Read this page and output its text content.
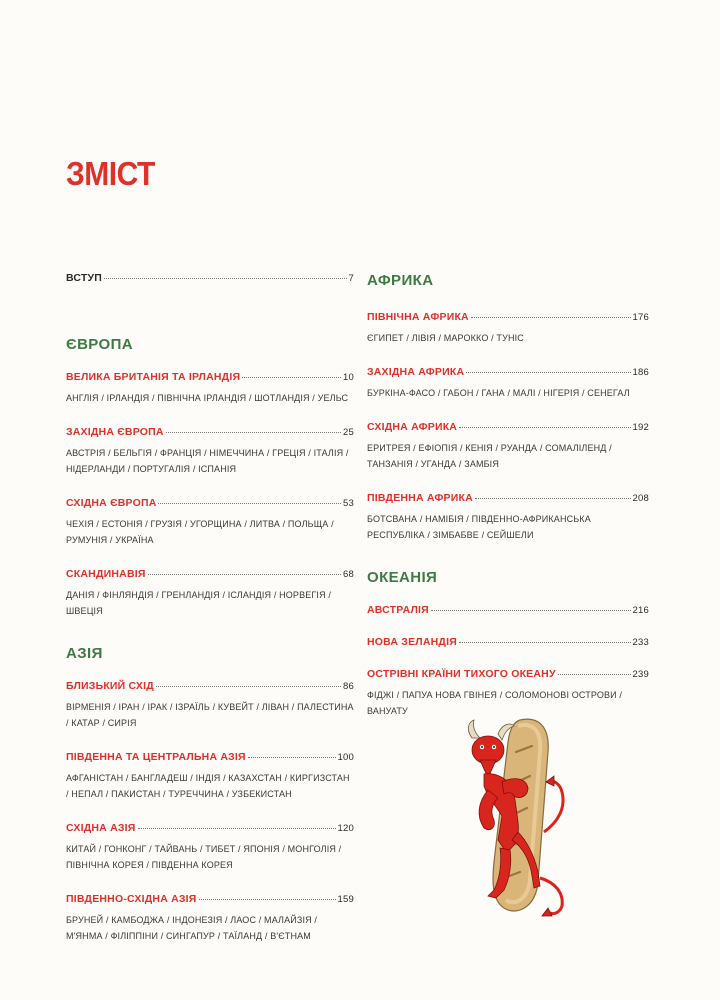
ЗМІСТ
ВСТУП	7
ЄВРОПА
ВЕЛИКА БРИТАНІЯ ТА ІРЛАНДІЯ	10
АНГЛІЯ / ІРЛАНДІЯ / ПІВНІЧНА ІРЛАНДІЯ / ШОТЛАНДІЯ / УЕЛЬС
ЗАХІДНА ЄВРОПА	25
АВСТРІЯ / БЕЛЬГІЯ / ФРАНЦІЯ / НІМЕЧЧИНА / ГРЕЦІЯ / ІТАЛІЯ / НІДЕРЛАНДИ / ПОРТУГАЛІЯ / ІСПАНІЯ
СХІДНА ЄВРОПА	53
ЧЕХІЯ / ЕСТОНІЯ / ГРУЗІЯ / УГОРЩИНА / ЛИТВА / ПОЛЬЩА / РУМУНІЯ / УКРАЇНА
СКАНДИНАВІЯ	68
ДАНІЯ / ФІНЛЯНДІЯ / ГРЕНЛАНДІЯ / ІСЛАНДІЯ / НОРВЕГІЯ / ШВЕЦІЯ
АЗІЯ
БЛИЗЬКИЙ СХІД	86
ВІРМЕНІЯ / ІРАН / ІРАК / ІЗРАЇЛЬ / КУВЕЙТ / ЛІВАН / ПАЛЕСТИНА / КАТАР / СИРІЯ
ПІВДЕННА ТА ЦЕНТРАЛЬНА АЗІЯ	100
АФГАНІСТАН / БАНГЛАДЕШ / ІНДІЯ / КАЗАХСТАН / КИРГИЗСТАН / НЕПАЛ / ПАКИСТАН / ТУРЕЧЧИНА / УЗБЕКИСТАН
СХІДНА АЗІЯ	120
КИТАЙ / ГОНКОНГ / ТАЙВАНЬ / ТИБЕТ / ЯПОНІЯ / МОНГОЛІЯ / ПІВНІЧНА КОРЕЯ / ПІВДЕННА КОРЕЯ
ПІВДЕННО-СХІДНА АЗІЯ	159
БРУНЕЙ / КАМБОДЖА / ІНДОНЕЗІЯ / ЛАОС / МАЛАЙЗІЯ / М'ЯНМА / ФІЛІППІНИ / СИНГАПУР / ТАЇЛАНД / В'ЄТНАМ
АФРИКА
ПІВНІЧНА АФРИКА	176
ЄГИПЕТ / ЛІВІЯ / МАРОККО / ТУНІС
ЗАХІДНА АФРИКА	186
БУРКІНА-ФАСО / ГАБОН / ГАНА / МАЛІ / НІГЕРІЯ / СЕНЕГАЛ
СХІДНА АФРИКА	192
ЕРИТРЕЯ / ЕФІОПІЯ / КЕНІЯ / РУАНДА / СОМАЛІЛЕНД / ТАНЗАНІЯ / УГАНДА / ЗАМБІЯ
ПІВДЕННА АФРИКА	208
БОТСВАНА / НАМІБІЯ / ПІВДЕННО-АФРИКАНСЬКА РЕСПУБЛІКА / ЗІМБАБВЕ / СЕЙШЕЛИ
ОКЕАНІЯ
АВСТРАЛІЯ	216
НОВА ЗЕЛАНДІЯ	233
ОСТРІВНІ КРАЇНИ ТИХОГО ОКЕАНУ	239
ФІДЖІ / ПАПУА НОВА ГВІНЕЯ / СОЛОМОНОВІ ОСТРОВИ / ВАНУАТУ
